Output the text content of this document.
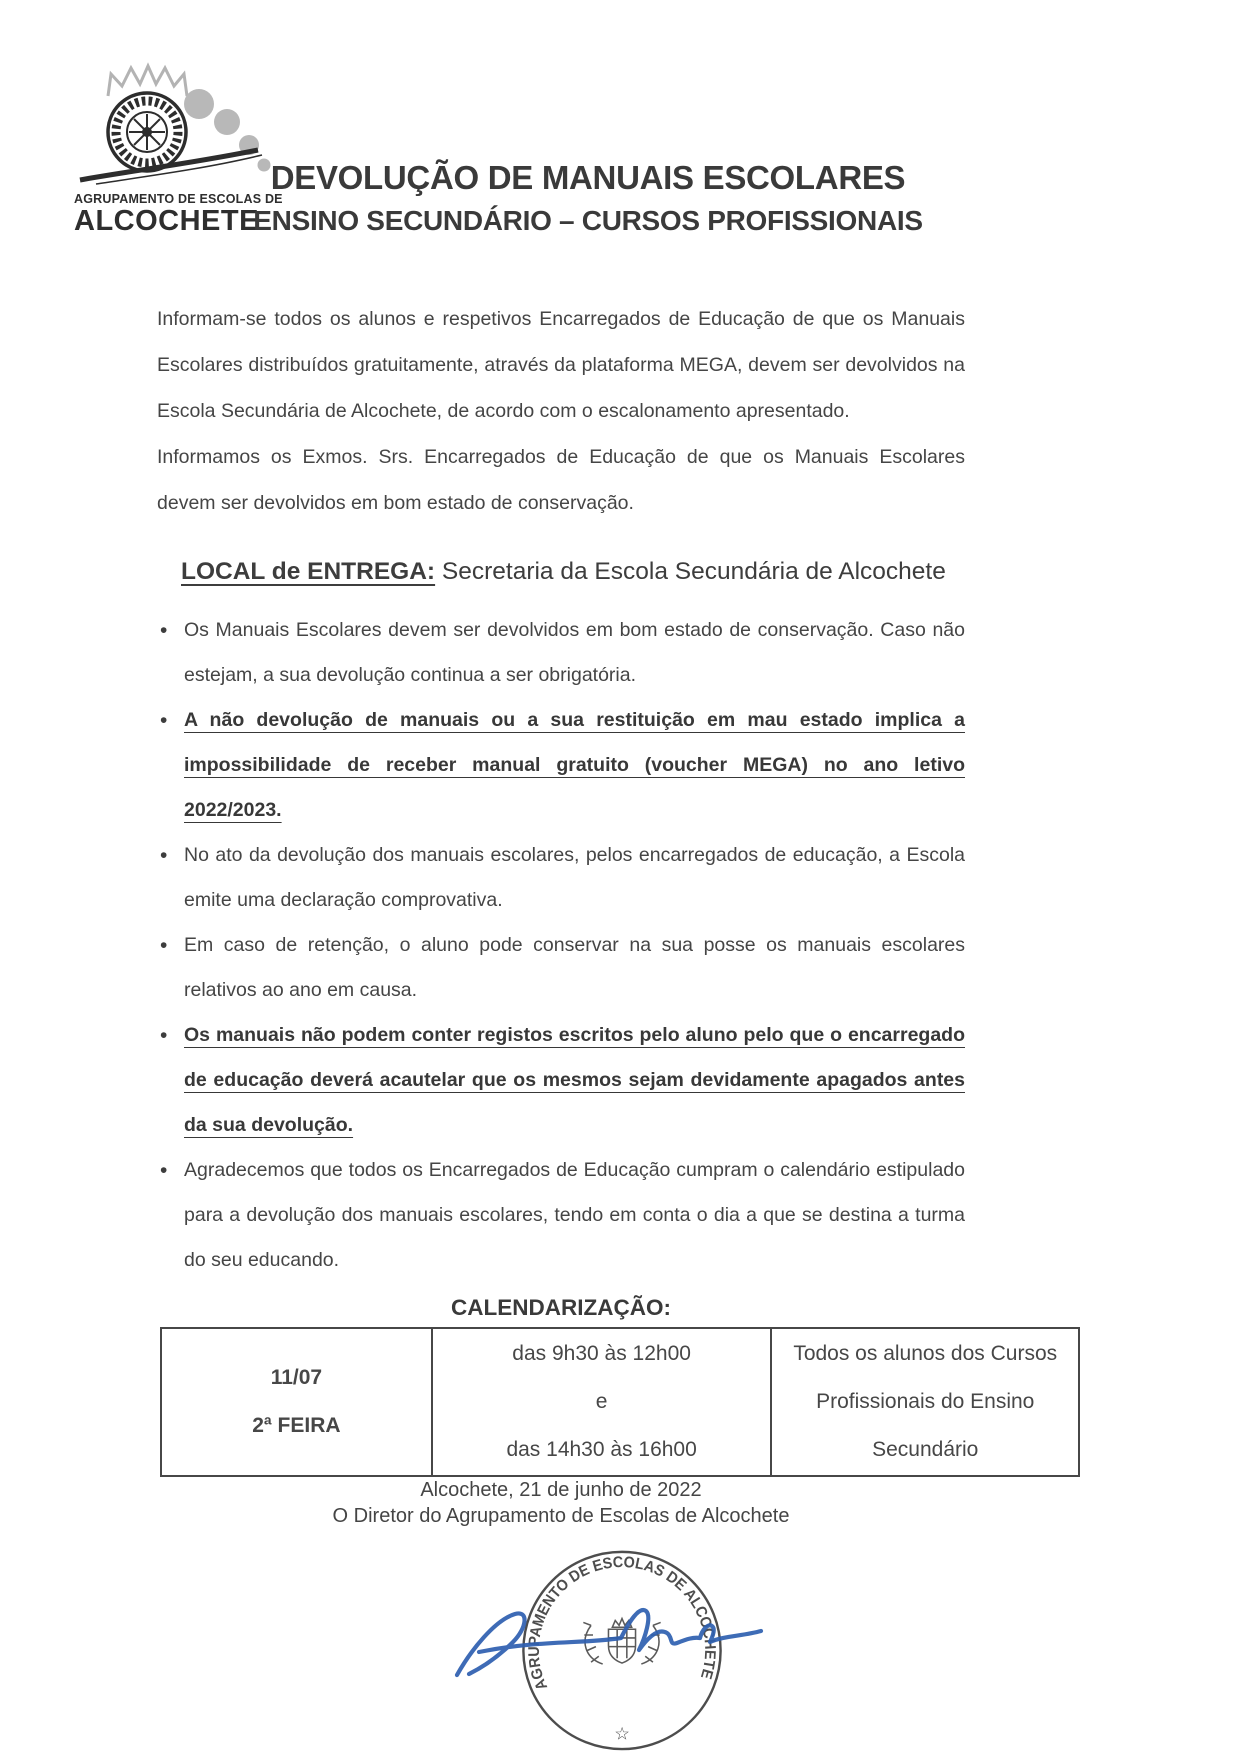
AGRUPAMENTO DE ESCOLAS DE
ALCOCHETE
DEVOLUÇÃO DE MANUAIS ESCOLARES
ENSINO SECUNDÁRIO – CURSOS PROFISSIONAIS

Informam-se todos os alunos e respetivos Encarregados de Educação de que os Manuais Escolares distribuídos gratuitamente, através da plataforma MEGA, devem ser devolvidos na Escola Secundária de Alcochete, de acordo com o escalonamento apresentado.

Informamos os Exmos. Srs. Encarregados de Educação de que os Manuais Escolares devem ser devolvidos em bom estado de conservação.

LOCAL de ENTREGA: Secretaria da Escola Secundária de Alcochete
• Os Manuais Escolares devem ser devolvidos em bom estado de conservação. Caso não estejam, a sua devolução continua a ser obrigatória.
• A não devolução de manuais ou a sua restituição em mau estado implica a impossibilidade de receber manual gratuito (voucher MEGA) no ano letivo 2022/2023.
• No ato da devolução dos manuais escolares, pelos encarregados de educação, a Escola emite uma declaração comprovativa.
• Em caso de retenção, o aluno pode conservar na sua posse os manuais escolares relativos ao ano em causa.
• Os manuais não podem conter registos escritos pelo aluno pelo que o encarregado de educação deverá acautelar que os mesmos sejam devidamente apagados antes da sua devolução.
• Agradecemos que todos os Encarregados de Educação cumpram o calendário estipulado para a devolução dos manuais escolares, tendo em conta o dia a que se destina a turma do seu educando.
CALENDARIZAÇÃO:
11/07
2ª FEIRA

das 9h30 às 12h00
e
das 14h30 às 16h00

Todos os alunos dos Cursos
Profissionais do Ensino
Secundário

Alcochete, 21 de junho de 2022

O Diretor do Agrupamento de Escolas de Alcochete

AGRUPAMENTO DE ESCOLAS DE ALCOCHETE
☆
